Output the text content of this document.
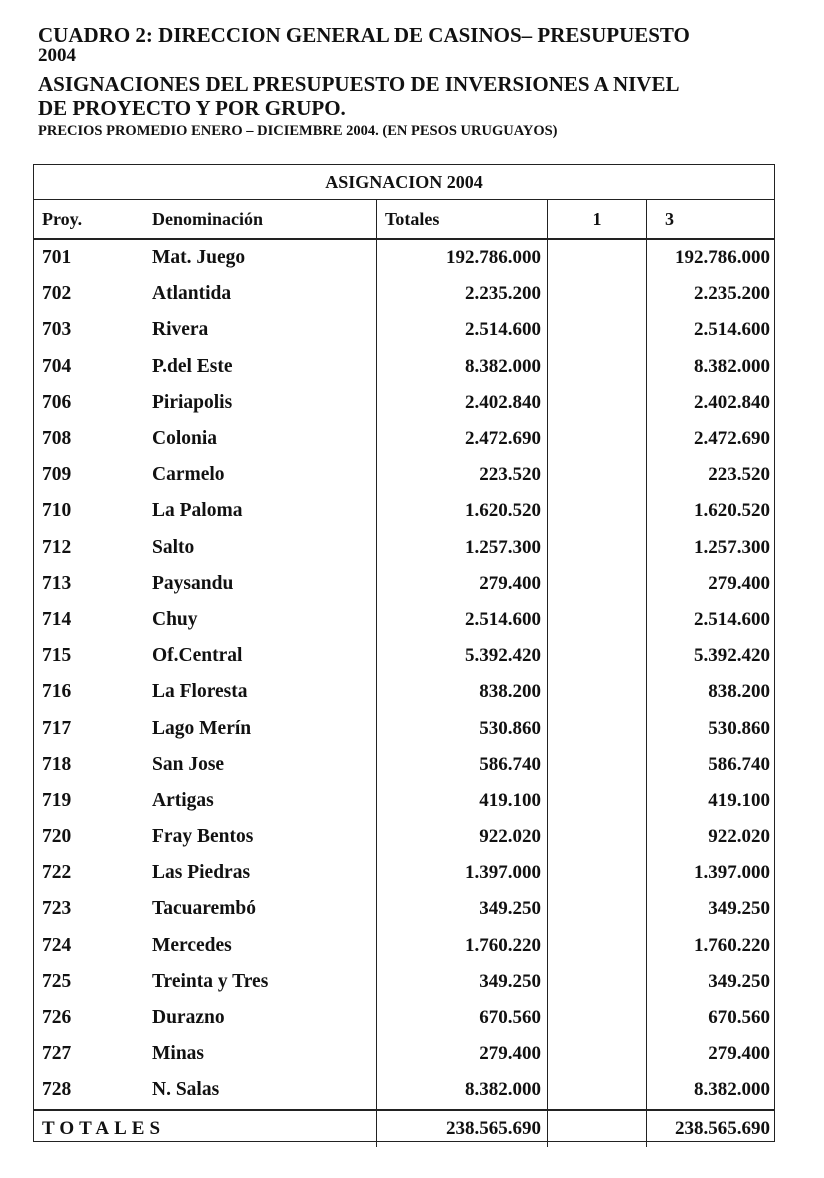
CUADRO 2: DIRECCION GENERAL DE CASINOS– PRESUPUESTO

2004

ASIGNACIONES DEL PRESUPUESTO DE INVERSIONES A NIVEL

DE PROYECTO Y POR GRUPO.

PRECIOS PROMEDIO ENERO – DICIEMBRE 2004. (EN PESOS URUGUAYOS)

ASIGNACION 2004
Proy.	Denominación	Totales	1	3
701	Mat. Juego	192.786.000		192.786.000
702	Atlantida	2.235.200		2.235.200
703	Rivera	2.514.600		2.514.600
704	P.del Este	8.382.000		8.382.000
706	Piriapolis	2.402.840		2.402.840
708	Colonia	2.472.690		2.472.690
709	Carmelo	223.520		223.520
710	La Paloma	1.620.520		1.620.520
712	Salto	1.257.300		1.257.300
713	Paysandu	279.400		279.400
714	Chuy	2.514.600		2.514.600
715	Of.Central	5.392.420		5.392.420
716	La Floresta	838.200		838.200
717	Lago Merín	530.860		530.860
718	San Jose	586.740		586.740
719	Artigas	419.100		419.100
720	Fray Bentos	922.020		922.020
722	Las Piedras	1.397.000		1.397.000
723	Tacuarembó	349.250		349.250
724	Mercedes	1.760.220		1.760.220
725	Treinta y Tres	349.250		349.250
726	Durazno	670.560		670.560
727	Minas	279.400		279.400
728	N. Salas	8.382.000		8.382.000
TOTALES		238.565.690		238.565.690
